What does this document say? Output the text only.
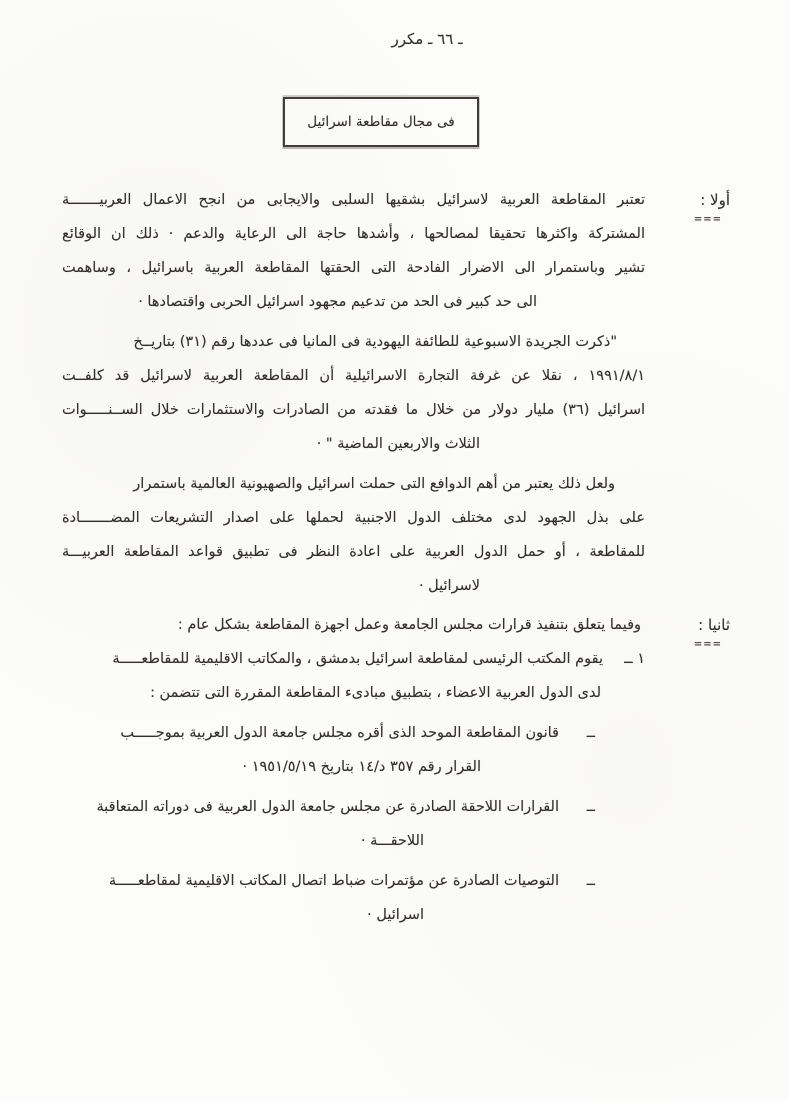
ـ ٦٦ ـ مكرر
فى مجال مقاطعة اسرائيل
أولا :
===
تعتبر المقاطعة العربية لاسرائيل بشقيها السلبى والايجابى من انجح الاعمال العربيـــــــة
المشتركة واكثرها تحقيقا لمصالحها ، وأشدها حاجة الى الرعاية والدعم · ذلك ان الوقائع
تشير وباستمرار الى الاضرار الفادحة التى الحقتها المقاطعة العربية باسرائيل ، وساهمت
الى حد كبير فى الحد من تدعيم مجهود اسرائيل الحربى واقتصادها ·
"ذكرت الجريدة الاسبوعية للطائفة اليهودية فى المانيا فى عددها رقم (٣١) بتاريــخ
١٩٩١/٨/١ ، نقلا عن غرفة التجارة الاسرائيلية أن المقاطعة العربية لاسرائيل قد كلفــت
اسرائيل (٣٦) مليار دولار من خلال ما فقدته من الصادرات والاستثمارات خلال الســنـــــوات
الثلاث والاربعين الماضية " ·
ولعل ذلك يعتبر من أهم الدوافع التى حملت اسرائيل والصهيونية العالمية باستمرار
على بذل الجهود لدى مختلف الدول الاجنبية لحملها على اصدار التشريعات المضـــــــادة
للمقاطعة ، أو حمل الدول العربية على اعادة النظر فى تطبيق قواعد المقاطعة العربيـــة
لاسرائيل ·
ثانيا :
===
وفيما يتعلق بتنفيذ قرارات مجلس الجامعة وعمل اجهزة المقاطعة بشكل عام :
١ ــ
يقوم المكتب الرئيسى لمقاطعة اسرائيل بدمشق ، والمكاتب الاقليمية للمقاطعـــــة
لدى الدول العربية الاعضاء ، بتطبيق مبادىء المقاطعة المقررة التى تتضمن :
ــ
قانون المقاطعة الموحد الذى أقره مجلس جامعة الدول العربية بموجـــــب
القرار رقم ٣٥٧ د/١٤ بتاريخ ١٩٥١/٥/١٩ ·
ــ
القرارات اللاحقة الصادرة عن مجلس جامعة الدول العربية فى دوراته المتعاقبة
اللاحقـــة ·
ــ
التوصيات الصادرة عن مؤتمرات ضباط اتصال المكاتب الاقليمية لمقاطعـــــة
اسرائيل ·
